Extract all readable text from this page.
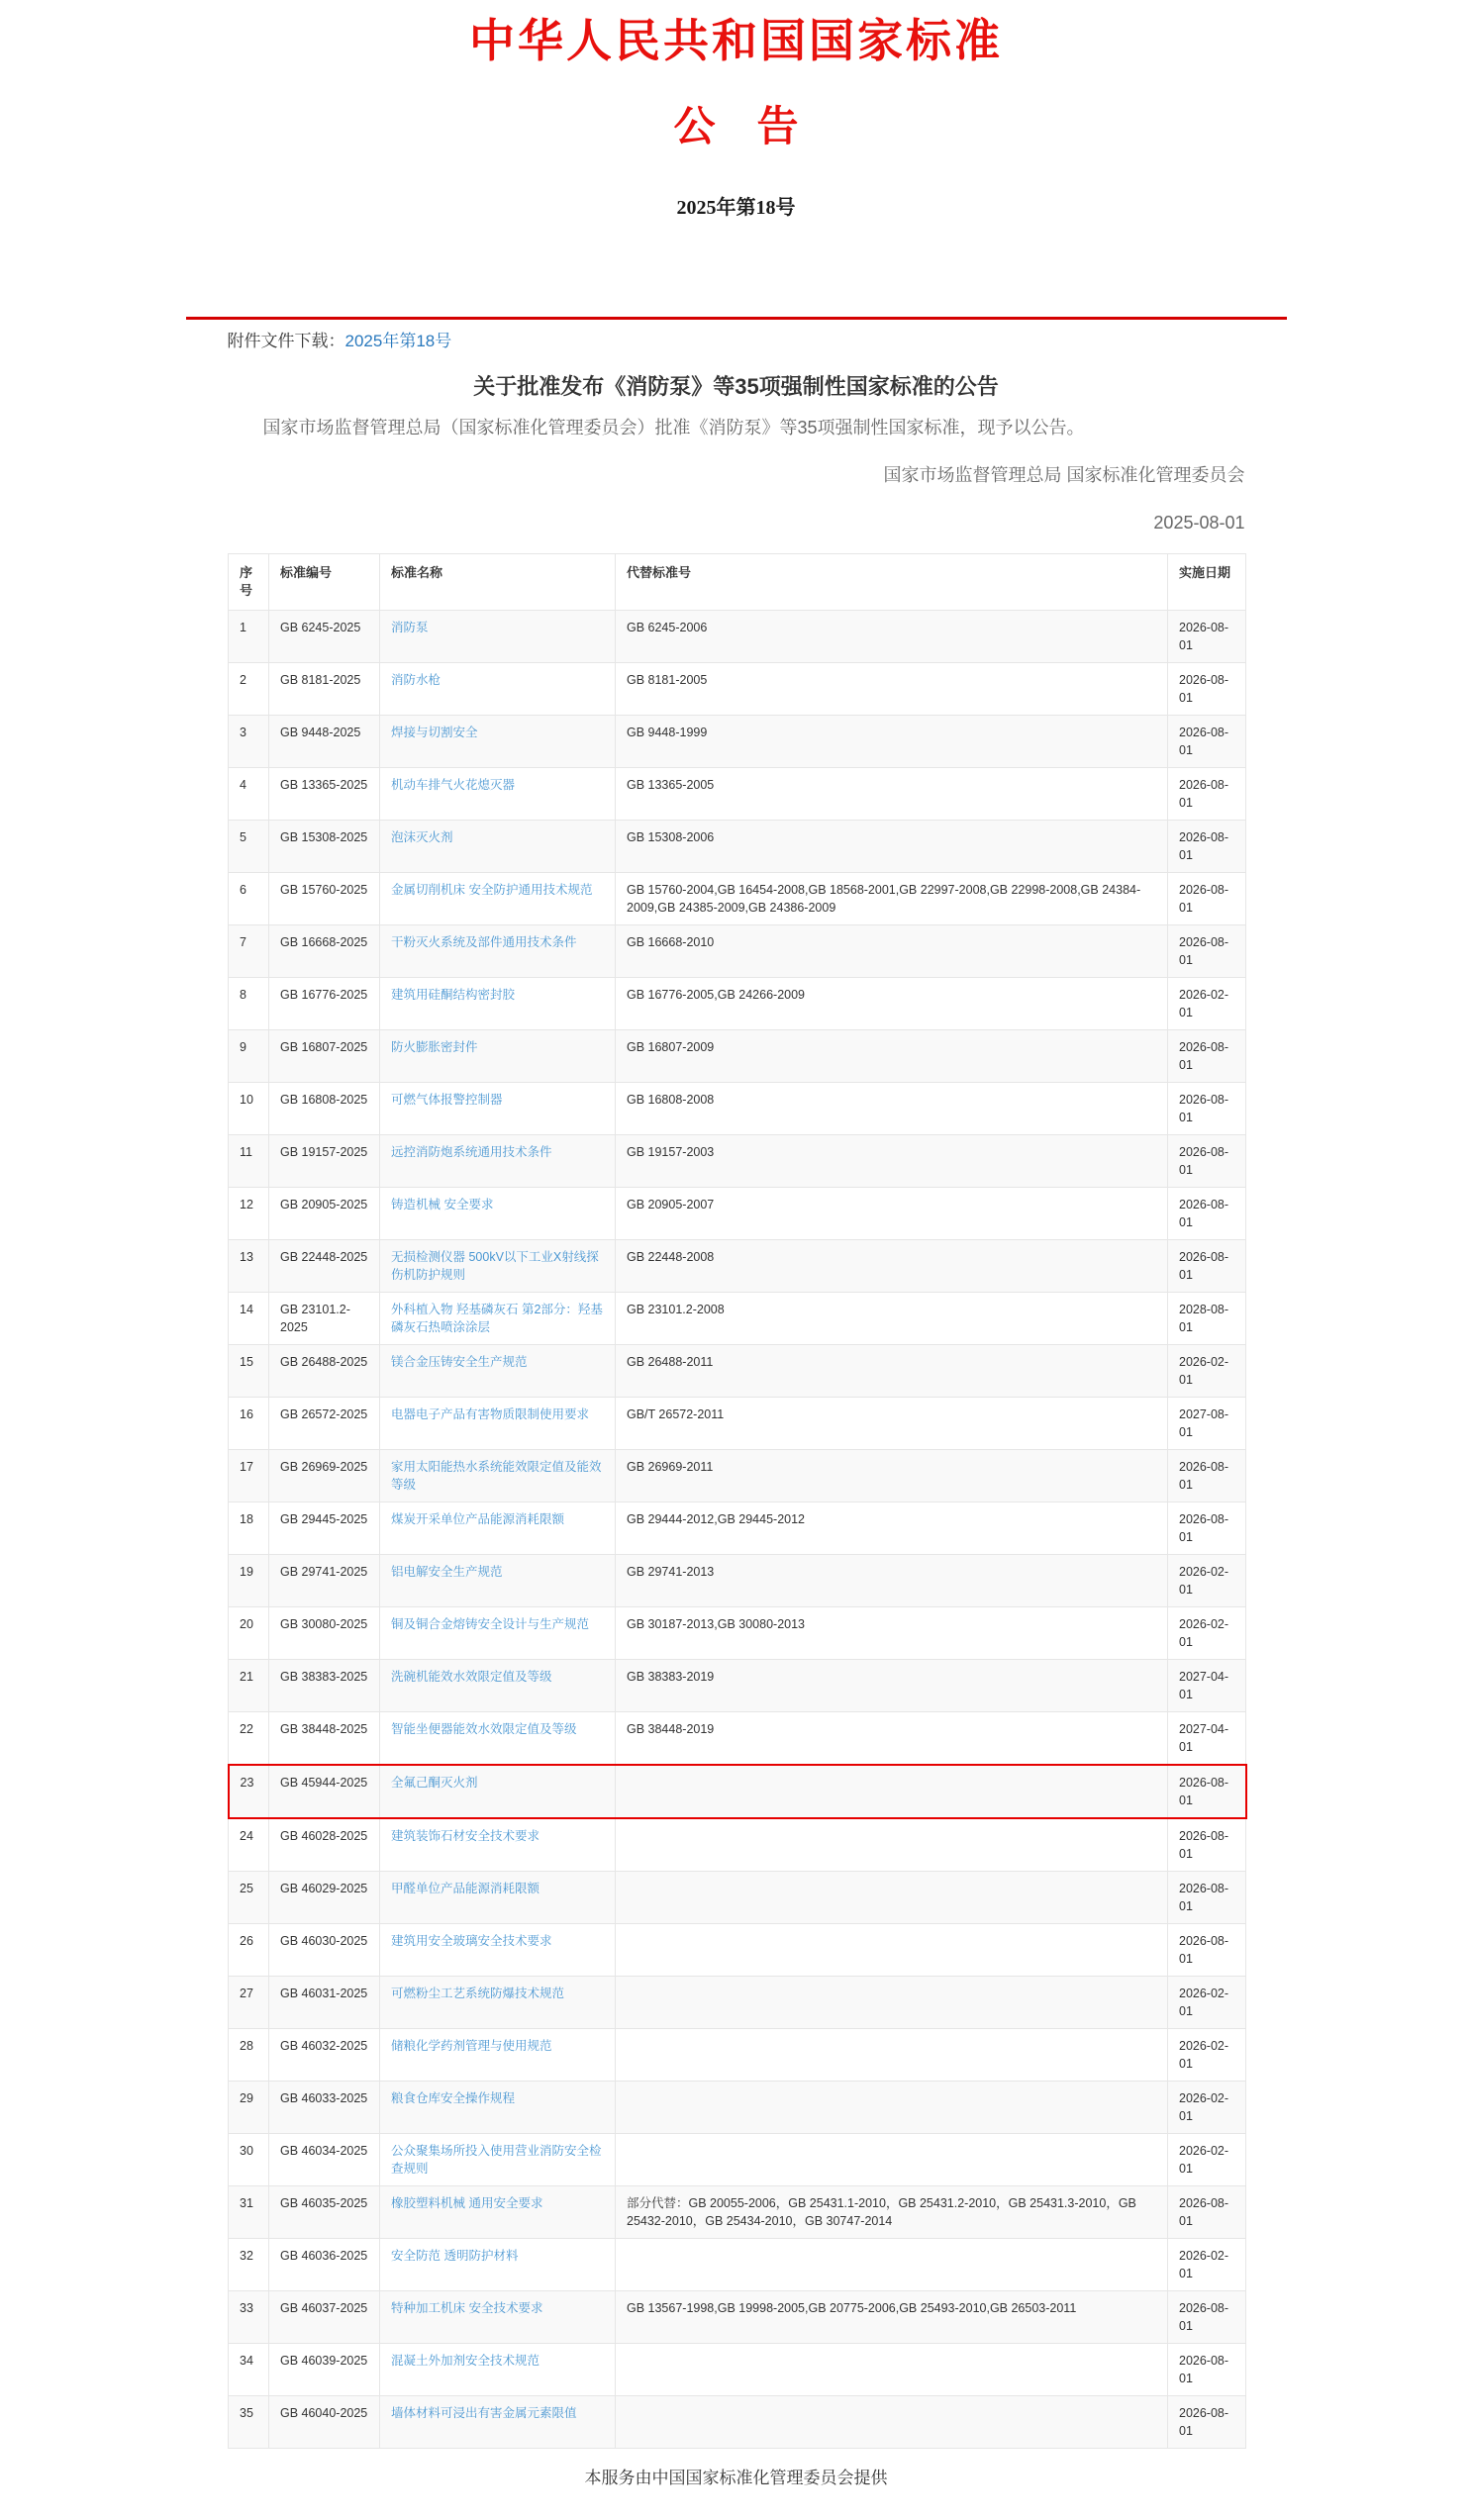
中华人民共和国国家标准
公　告
2025年第18号
附件文件下载：2025年第18号
关于批准发布《消防泵》等35项强制性国家标准的公告

国家市场监督管理总局（国家标准化管理委员会）批准《消防泵》等35项强制性国家标准，现予以公告。

国家市场监督管理总局 国家标准化管理委员会

2025-08-01

序号	标准编号	标准名称	代替标准号	实施日期
1	GB 6245-2025	消防泵	GB 6245-2006	2026-08-01
2	GB 8181-2025	消防水枪	GB 8181-2005	2026-08-01
3	GB 9448-2025	焊接与切割安全	GB 9448-1999	2026-08-01
4	GB 13365-2025	机动车排气火花熄灭器	GB 13365-2005	2026-08-01
5	GB 15308-2025	泡沫灭火剂	GB 15308-2006	2026-08-01
6	GB 15760-2025	金属切削机床 安全防护通用技术规范	GB 15760-2004,GB 16454-2008,GB 18568-2001,GB 22997-2008,GB 22998-2008,GB 24384-2009,GB 24385-2009,GB 24386-2009	2026-08-01
7	GB 16668-2025	干粉灭火系统及部件通用技术条件	GB 16668-2010	2026-08-01
8	GB 16776-2025	建筑用硅酮结构密封胶	GB 16776-2005,GB 24266-2009	2026-02-01
9	GB 16807-2025	防火膨胀密封件	GB 16807-2009	2026-08-01
10	GB 16808-2025	可燃气体报警控制器	GB 16808-2008	2026-08-01
11	GB 19157-2025	远控消防炮系统通用技术条件	GB 19157-2003	2026-08-01
12	GB 20905-2025	铸造机械 安全要求	GB 20905-2007	2026-08-01
13	GB 22448-2025	无损检测仪器 500kV以下工业X射线探伤机防护规则	GB 22448-2008	2026-08-01
14	GB 23101.2-2025	外科植入物 羟基磷灰石 第2部分：羟基磷灰石热喷涂涂层	GB 23101.2-2008	2028-08-01
15	GB 26488-2025	镁合金压铸安全生产规范	GB 26488-2011	2026-02-01
16	GB 26572-2025	电器电子产品有害物质限制使用要求	GB/T 26572-2011	2027-08-01
17	GB 26969-2025	家用太阳能热水系统能效限定值及能效等级	GB 26969-2011	2026-08-01
18	GB 29445-2025	煤炭开采单位产品能源消耗限额	GB 29444-2012,GB 29445-2012	2026-08-01
19	GB 29741-2025	铝电解安全生产规范	GB 29741-2013	2026-02-01
20	GB 30080-2025	铜及铜合金熔铸安全设计与生产规范	GB 30187-2013,GB 30080-2013	2026-02-01
21	GB 38383-2025	洗碗机能效水效限定值及等级	GB 38383-2019	2027-04-01
22	GB 38448-2025	智能坐便器能效水效限定值及等级	GB 38448-2019	2027-04-01
23	GB 45944-2025	全氟己酮灭火剂		2026-08-01
24	GB 46028-2025	建筑装饰石材安全技术要求		2026-08-01
25	GB 46029-2025	甲醛单位产品能源消耗限额		2026-08-01
26	GB 46030-2025	建筑用安全玻璃安全技术要求		2026-08-01
27	GB 46031-2025	可燃粉尘工艺系统防爆技术规范		2026-02-01
28	GB 46032-2025	储粮化学药剂管理与使用规范		2026-02-01
29	GB 46033-2025	粮食仓库安全操作规程		2026-02-01
30	GB 46034-2025	公众聚集场所投入使用营业消防安全检查规则		2026-02-01
31	GB 46035-2025	橡胶塑料机械 通用安全要求	部分代替：GB 20055-2006，GB 25431.1-2010，GB 25431.2-2010，GB 25431.3-2010，GB 25432-2010，GB 25434-2010，GB 30747-2014	2026-08-01
32	GB 46036-2025	安全防范 透明防护材料		2026-02-01
33	GB 46037-2025	特种加工机床 安全技术要求	GB 13567-1998,GB 19998-2005,GB 20775-2006,GB 25493-2010,GB 26503-2011	2026-08-01
34	GB 46039-2025	混凝土外加剂安全技术规范		2026-08-01
35	GB 46040-2025	墙体材料可浸出有害金属元素限值		2026-08-01
本服务由中国国家标准化管理委员会提供
